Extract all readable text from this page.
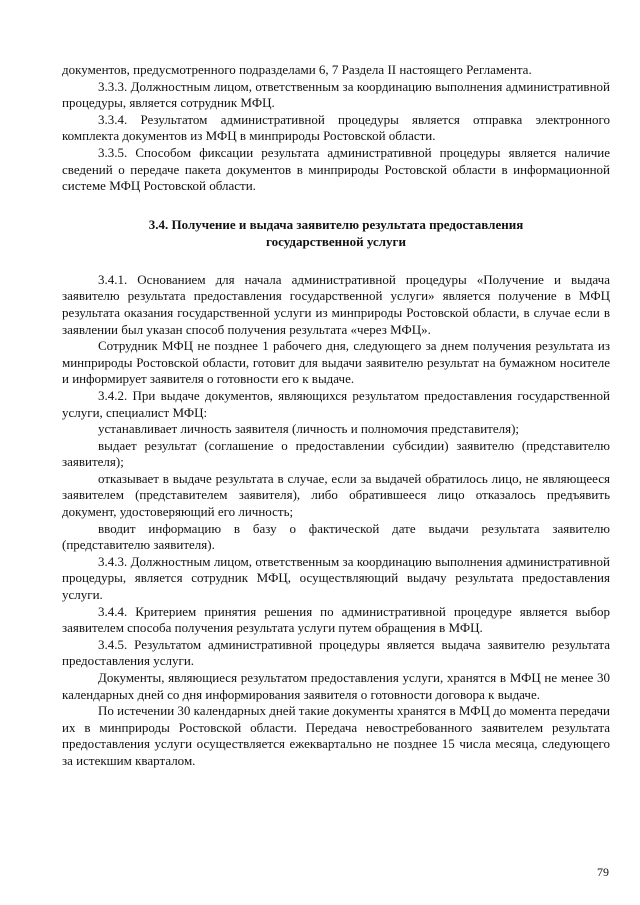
документов, предусмотренного подразделами 6, 7 Раздела II настоящего Регламента.

3.3.3. Должностным лицом, ответственным за координацию выполнения административной процедуры, является сотрудник МФЦ.

3.3.4. Результатом административной процедуры является отправка электронного комплекта документов из МФЦ в минприроды Ростовской области.

3.3.5. Способом фиксации результата административной процедуры является наличие сведений о передаче пакета документов в минприроды Ростовской области в информационной системе МФЦ Ростовской области.

3.4. Получение и выдача заявителю результата предоставления
государственной услуги

3.4.1. Основанием для начала административной процедуры «Получение и выдача заявителю результата предоставления государственной услуги» является получение в МФЦ результата оказания государственной услуги из минприроды Ростовской области, в случае если в заявлении был указан способ получения результата «через МФЦ».

Сотрудник МФЦ не позднее 1 рабочего дня, следующего за днем получения результата из минприроды Ростовской области, готовит для выдачи заявителю результат на бумажном носителе и информирует заявителя о готовности его к выдаче.

3.4.2. При выдаче документов, являющихся результатом предоставления государственной услуги, специалист МФЦ:

устанавливает личность заявителя (личность и полномочия представителя);

выдает результат (соглашение о предоставлении субсидии) заявителю (представителю заявителя);

отказывает в выдаче результата в случае, если за выдачей обратилось лицо, не являющееся заявителем (представителем заявителя), либо обратившееся лицо отказалось предъявить документ, удостоверяющий его личность;

вводит информацию в базу о фактической дате выдачи результата заявителю (представителю заявителя).

3.4.3. Должностным лицом, ответственным за координацию выполнения административной процедуры, является сотрудник МФЦ, осуществляющий выдачу результата предоставления услуги.

3.4.4. Критерием принятия решения по административной процедуре является выбор заявителем способа получения результата услуги путем обращения в МФЦ.

3.4.5. Результатом административной процедуры является выдача заявителю результата предоставления услуги.

Документы, являющиеся результатом предоставления услуги, хранятся в МФЦ не менее 30 календарных дней со дня информирования заявителя о готовности договора к выдаче.

По истечении 30 календарных дней такие документы хранятся в МФЦ до момента передачи их в минприроды Ростовской области. Передача невостребованного заявителем результата предоставления услуги осуществляется ежеквартально не позднее 15 числа месяца, следующего за истекшим кварталом.

79
